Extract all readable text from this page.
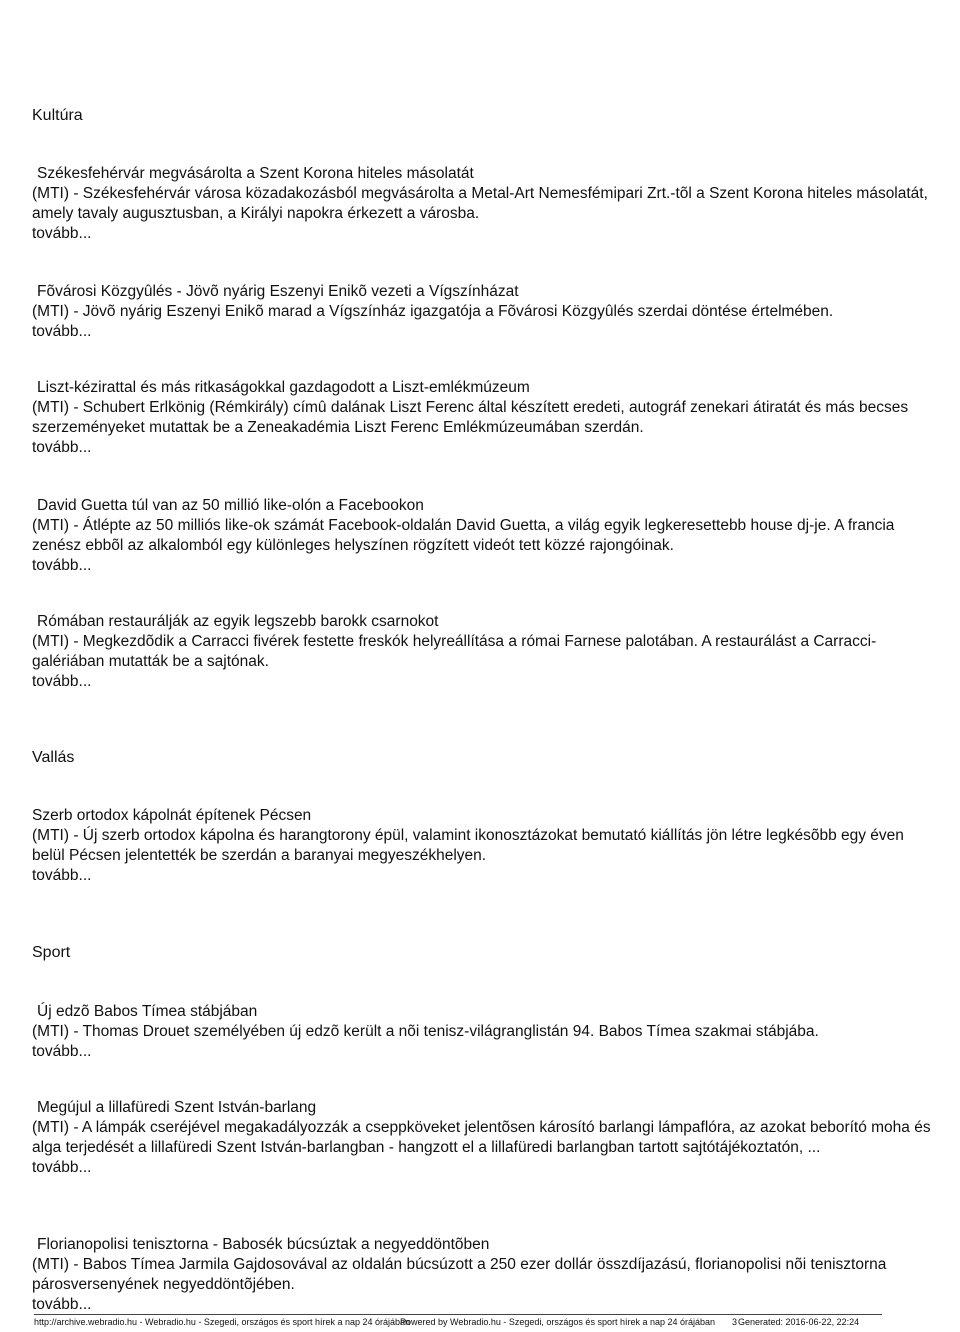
Kultúra
Székesfehérvár megvásárolta a Szent Korona hiteles másolatát
(MTI) - Székesfehérvár városa közadakozásból megvásárolta a Metal-Art Nemesfémipari Zrt.-tõl a Szent Korona hiteles másolatát, amely tavaly augusztusban, a Királyi napokra érkezett a városba.
tovább...
Fõvárosi Közgyûlés - Jövõ nyárig Eszenyi Enikõ vezeti a Vígszínházat
(MTI) - Jövõ nyárig Eszenyi Enikõ marad a Vígszínház igazgatója a Fõvárosi Közgyûlés szerdai döntése értelmében.
tovább...
Liszt-kézirattal és más ritkaságokkal gazdagodott a Liszt-emlékmúzeum
(MTI) - Schubert Erlkönig (Rémkirály) címû dalának Liszt Ferenc által készített eredeti, autográf zenekari átiratát és más becses szerzeményeket mutattak be a Zeneakadémia Liszt Ferenc Emlékmúzeumában szerdán.
tovább...
David Guetta túl van az 50 millió like-olón a Facebookon
(MTI) - Átlépte az 50 milliós like-ok számát Facebook-oldalán David Guetta, a világ egyik legkeresettebb house dj-je. A francia zenész ebbõl az alkalomból egy különleges helyszínen rögzített videót tett közzé rajongóinak.
tovább...
Rómában restaurálják az egyik legszebb barokk csarnokot
(MTI) - Megkezdõdik a Carracci fivérek festette freskók helyreállítása a római Farnese palotában. A restaurálást a Carracci-galériában mutatták be a sajtónak.
tovább...
Vallás
Szerb ortodox kápolnát építenek Pécsen
(MTI) - Új szerb ortodox kápolna és harangtorony épül, valamint ikonosztázokat bemutató kiállítás jön létre legkésõbb egy éven belül Pécsen jelentették be szerdán a baranyai megyeszékhelyen.
tovább...
Sport
Új edzõ Babos Tímea stábjában
(MTI) - Thomas Drouet személyében új edzõ került a nõi tenisz-világranglistán 94. Babos Tímea szakmai stábjába.
tovább...
Megújul a lillafüredi Szent István-barlang
(MTI) - A lámpák cseréjével megakadályozzák a cseppköveket jelentõsen károsító barlangi lámpaflóra, az azokat beborító moha és alga terjedését a lillafüredi Szent István-barlangban - hangzott el a lillafüredi barlangban tartott sajtótájékoztatón, ...
tovább...
Florianopolisi tenisztorna - Babosék búcsúztak a negyeddöntõben
(MTI) - Babos Tímea Jarmila Gajdosovával az oldalán búcsúzott a 250 ezer dollár összdíjazású, florianopolisi nõi tenisztorna párosversenyének negyeddöntõjében.
tovább...
http://archive.webradio.hu - Webradio.hu - Szegedi, országos és sport hírek a nap 24 órájában
Powered by Webradio.hu - Szegedi, országos és sport hírek a nap 24 órájában 3 Generated: 2016-06-22, 22:24
